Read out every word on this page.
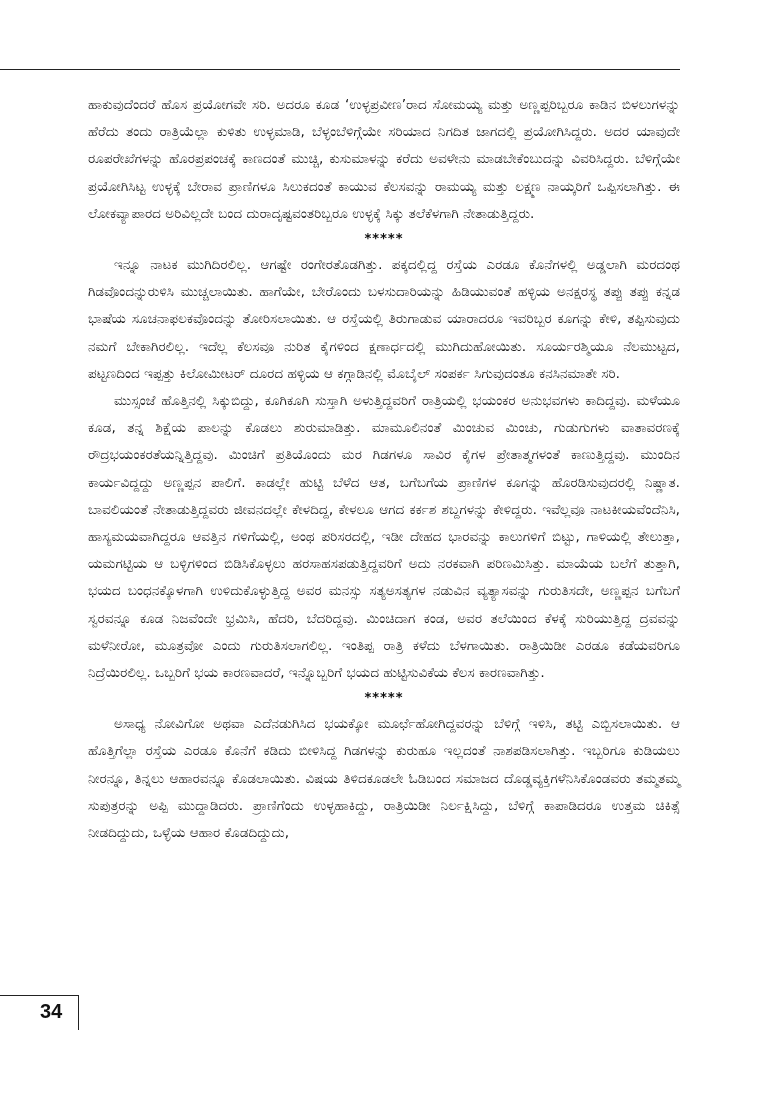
ಹಾಕುವುದೆಂದರೆ ಹೊಸ ಪ್ರಯೋಗವೇ ಸರಿ. ಅದರೂ ಕೂಡ ‘ಉಳ್ಳಪ್ರವೀಣ’ರಾದ ಸೋಮಯ್ಯ ಮತ್ತು ಅಣ್ಣಪ್ಪರಿಬ್ಬರೂ ಕಾಡಿನ ಬಿಳಲುಗಳನ್ನು ಹೆರೆದು ತಂದು ರಾತ್ರಿಯೆಲ್ಲಾ ಕುಳಿತು ಉಳ್ಳಮಾಡಿ, ಬೆಳ್ಳಂಬೆಳಿಗ್ಗೆಯೇ ಸರಿಯಾದ ನಿಗದಿತ ಜಾಗದಲ್ಲಿ ಪ್ರಯೋಗಿಸಿದ್ದರು. ಅದರ ಯಾವುದೇ ರೂಪರೇಖೆಗಳನ್ನು ಹೊರಪ್ರಪಂಚಕ್ಕೆ ಕಾಣದಂತೆ ಮುಚ್ಚಿ, ಕುಸುಮಾಳನ್ನು ಕರೆದು ಅವಳೇನು ಮಾಡಬೇಕೆಂಬುದನ್ನು ವಿವರಿಸಿದ್ದರು. ಬೆಳಿಗ್ಗೆಯೇ ಪ್ರಯೋಗಿಸಿಟ್ಟ ಉಳ್ಳಕ್ಕೆ ಬೇರಾವ ಪ್ರಾಣಿಗಳೂ ಸಿಲುಕದಂತೆ ಕಾಯುವ ಕೆಲಸವನ್ನು ರಾಮಯ್ಯ ಮತ್ತು ಲಕ್ಷ್ಮಣ ನಾಯ್ಕರಿಗೆ ಒಪ್ಪಿಸಲಾಗಿತ್ತು. ಈ ಲೋಕವ್ಯಾಪಾರದ ಅರಿವಿಲ್ಲದೇ ಬಂದ ದುರಾದೃಷ್ಟವಂತರಿಬ್ಬರೂ ಉಳ್ಳಕ್ಕೆ ಸಿಕ್ಕು ತಲೆಕೆಳಗಾಗಿ ನೇತಾಡುತ್ತಿದ್ದರು.

*****

ಇನ್ನೂ ನಾಟಕ ಮುಗಿದಿರಲಿಲ್ಲ. ಆಗಷ್ಟೇ ರಂಗೇರತೊಡಗಿತ್ತು. ಪಕ್ಕದಲ್ಲಿದ್ದ ರಸ್ತೆಯ ಎರಡೂ ಕೊನೆಗಳಲ್ಲಿ ಅಡ್ಡಲಾಗಿ ಮರದಂಥ ಗಿಡವೊಂದನ್ನುರುಳಿಸಿ ಮುಚ್ಚಲಾಯಿತು. ಹಾಗೆಯೇ, ಬೇರೊಂದು ಬಳಸುದಾರಿಯನ್ನು ಹಿಡಿಯುವಂತೆ ಹಳ್ಳಿಯ ಅನಕ್ಷರಸ್ಥ ತಪ್ಪು ತಪ್ಪು ಕನ್ನಡ ಭಾಷೆಯ ಸೂಚನಾಫಲಕವೊಂದನ್ನು ತೋರಿಸಲಾಯಿತು. ಆ ರಸ್ತೆಯಲ್ಲಿ ತಿರುಗಾಡುವ ಯಾರಾದರೂ ಇವರಿಬ್ಬರ ಕೂಗನ್ನು ಕೇಳಿ, ತಪ್ಪಿಸುವುದು ನಮಗೆ ಬೇಕಾಗಿರಲಿಲ್ಲ. ಇದೆಲ್ಲ ಕೆಲಸವೂ ನುರಿತ ಕೈಗಳಿಂದ ಕ್ಷಣಾರ್ಧದಲ್ಲಿ ಮುಗಿದುಹೋಯಿತು. ಸೂರ್ಯರಶ್ಮಿಯೂ ನೆಲಮುಟ್ಟದ, ಪಟ್ಟಣದಿಂದ ಇಪ್ಪತ್ತು ಕಿಲೋಮೀಟರ್ ದೂರದ ಹಳ್ಳಿಯ ಆ ಕಗ್ಗಾಡಿನಲ್ಲಿ ಮೊಬೈಲ್ ಸಂಪರ್ಕ ಸಿಗುವುದಂತೂ ಕನಸಿನಮಾತೇ ಸರಿ.

ಮುಸ್ಸಂಜೆ ಹೊತ್ತಿನಲ್ಲಿ ಸಿಕ್ಕುಬಿದ್ದು, ಕೂಗಿಕೂಗಿ ಸುಸ್ತಾಗಿ ಅಳುತ್ತಿದ್ದವರಿಗೆ ರಾತ್ರಿಯಲ್ಲಿ ಭಯಂಕರ ಅನುಭವಗಳು ಕಾದಿದ್ದವು. ಮಳೆಯೂ ಕೂಡ, ತನ್ನ ಶಿಕ್ಷೆಯ ಪಾಲನ್ನು ಕೊಡಲು ಶುರುಮಾಡಿತ್ತು. ಮಾಮೂಲಿನಂತೆ ಮಿಂಚುವ ಮಿಂಚು, ಗುಡುಗುಗಳು ವಾತಾವರಣಕ್ಕೆ ರೌದ್ರಭಯಂಕರತೆಯನ್ನಿತ್ತಿದ್ದವು. ಮಿಂಚಿಗೆ ಪ್ರತಿಯೊಂದು ಮರ ಗಿಡಗಳೂ ಸಾವಿರ ಕೈಗಳ ಪ್ರೇತಾತ್ಮಗಳಂತೆ ಕಾಣುತ್ತಿದ್ದವು. ಮುಂದಿನ ಕಾರ್ಯವಿದ್ದದ್ದು ಅಣ್ಣಪ್ಪನ ಪಾಲಿಗೆ. ಕಾಡಲ್ಲೇ ಹುಟ್ಟಿ ಬೆಳೆದ ಆತ, ಬಗೆಬಗೆಯ ಪ್ರಾಣಿಗಳ ಕೂಗನ್ನು ಹೊರಡಿಸುವುದರಲ್ಲಿ ನಿಷ್ಣಾತ. ಬಾವಲಿಯಂತೆ ನೇತಾಡುತ್ತಿದ್ದವರು ಜೀವನದಲ್ಲೇ ಕೇಳದಿದ್ದ, ಕೇಳಲೂ ಆಗದ ಕರ್ಕಶ ಶಬ್ದಗಳನ್ನು ಕೇಳಿದ್ದರು. ಇವೆಲ್ಲವೂ ನಾಟಕೀಯವೆಂದೆನಿಸಿ, ಹಾಸ್ಯಮಯವಾಗಿದ್ದರೂ ಆವತ್ತಿನ ಗಳಿಗೆಯಲ್ಲಿ, ಅಂಥ ಪರಿಸರದಲ್ಲಿ, ಇಡೀ ದೇಹದ ಭಾರವನ್ನು ಕಾಲುಗಳಿಗೆ ಬಿಟ್ಟು, ಗಾಳಿಯಲ್ಲಿ ತೇಲುತ್ತಾ, ಯಮಗಟ್ಟಿಯ ಆ ಬಳ್ಳಿಗಳಿಂದ ಬಿಡಿಸಿಕೊಳ್ಳಲು ಹರಸಾಹಸಪಡುತ್ತಿದ್ದವರಿಗೆ ಅದು ನರಕವಾಗಿ ಪರಿಣಮಿಸಿತ್ತು. ಮಾಯೆಯ ಬಲೆಗೆ ತುತ್ತಾಗಿ, ಭಯದ ಬಂಧನಕ್ಕೊಳಗಾಗಿ ಉಳಿದುಕೊಳ್ಳುತ್ತಿದ್ದ ಅವರ ಮನಸ್ಸು ಸತ್ಯಅಸತ್ಯಗಳ ನಡುವಿನ ವ್ಯತ್ಯಾಸವನ್ನು ಗುರುತಿಸದೇ, ಅಣ್ಣಪ್ಪನ ಬಗೆಬಗೆ ಸ್ವರವನ್ನೂ ಕೂಡ ನಿಜವೆಂದೇ ಭ್ರಮಿಸಿ, ಹೆದರಿ, ಬೆದರಿದ್ದವು. ಮಿಂಚಿದಾಗ ಕಂಡ, ಅವರ ತಲೆಯಿಂದ ಕೆಳಕ್ಕೆ ಸುರಿಯುತ್ತಿದ್ದ ದ್ರವವನ್ನು ಮಳೆನೀರೋ, ಮೂತ್ರವೋ ಎಂದು ಗುರುತಿಸಲಾಗಲಿಲ್ಲ. ಇಂತಿಪ್ಪ ರಾತ್ರಿ ಕಳೆದು ಬೆಳಗಾಯಿತು. ರಾತ್ರಿಯಿಡೀ ಎರಡೂ ಕಡೆಯವರಿಗೂ ನಿದ್ರೆಯಿರಲಿಲ್ಲ. ಒಬ್ಬರಿಗೆ ಭಯ ಕಾರಣವಾದರೆ, ಇನ್ನೊಬ್ಬರಿಗೆ ಭಯದ ಹುಟ್ಟಿಸುವಿಕೆಯ ಕೆಲಸ ಕಾರಣವಾಗಿತ್ತು.

*****

ಅಸಾಧ್ಯ ನೋವಿಗೋ ಅಥವಾ ಎದೆನಡುಗಿಸಿದ ಭಯಕ್ಕೋ ಮೂರ್ಛೆಹೋಗಿದ್ದವರನ್ನು ಬೆಳಿಗ್ಗೆ ಇಳಿಸಿ, ತಟ್ಟಿ ಎಬ್ಬಿಸಲಾಯಿತು. ಆ ಹೊತ್ತಿಗೆಲ್ಲಾ ರಸ್ತೆಯ ಎರಡೂ ಕೊನೆಗೆ ಕಡಿದು ಬೀಳಿಸಿದ್ದ ಗಿಡಗಳನ್ನು ಕುರುಹೂ ಇಲ್ಲದಂತೆ ನಾಶಪಡಿಸಲಾಗಿತ್ತು. ಇಬ್ಬರಿಗೂ ಕುಡಿಯಲು ನೀರನ್ನೂ, ತಿನ್ನಲು ಆಹಾರವನ್ನೂ ಕೊಡಲಾಯಿತು. ವಿಷಯ ತಿಳಿದಕೂಡಲೇ ಓಡಿಬಂದ ಸಮಾಜದ ದೊಡ್ಡವ್ಯಕ್ತಿಗಳೆನಿಸಿಕೊಂಡವರು ತಮ್ಮತಮ್ಮ ಸುಪುತ್ರರನ್ನು ಅಪ್ಪಿ ಮುದ್ದಾಡಿದರು. ಪ್ರಾಣಿಗೆಂದು ಉಳ್ಳಹಾಕಿದ್ದು, ರಾತ್ರಿಯಿಡೀ ನಿರ್ಲಕ್ಷಿಸಿದ್ದು, ಬೆಳಿಗ್ಗೆ ಕಾಪಾಡಿದರೂ ಉತ್ತಮ ಚಿಕಿತ್ಸೆ ನೀಡದಿದ್ದುದು, ಒಳ್ಳೆಯ ಆಹಾರ ಕೊಡದಿದ್ದುದು,

34
